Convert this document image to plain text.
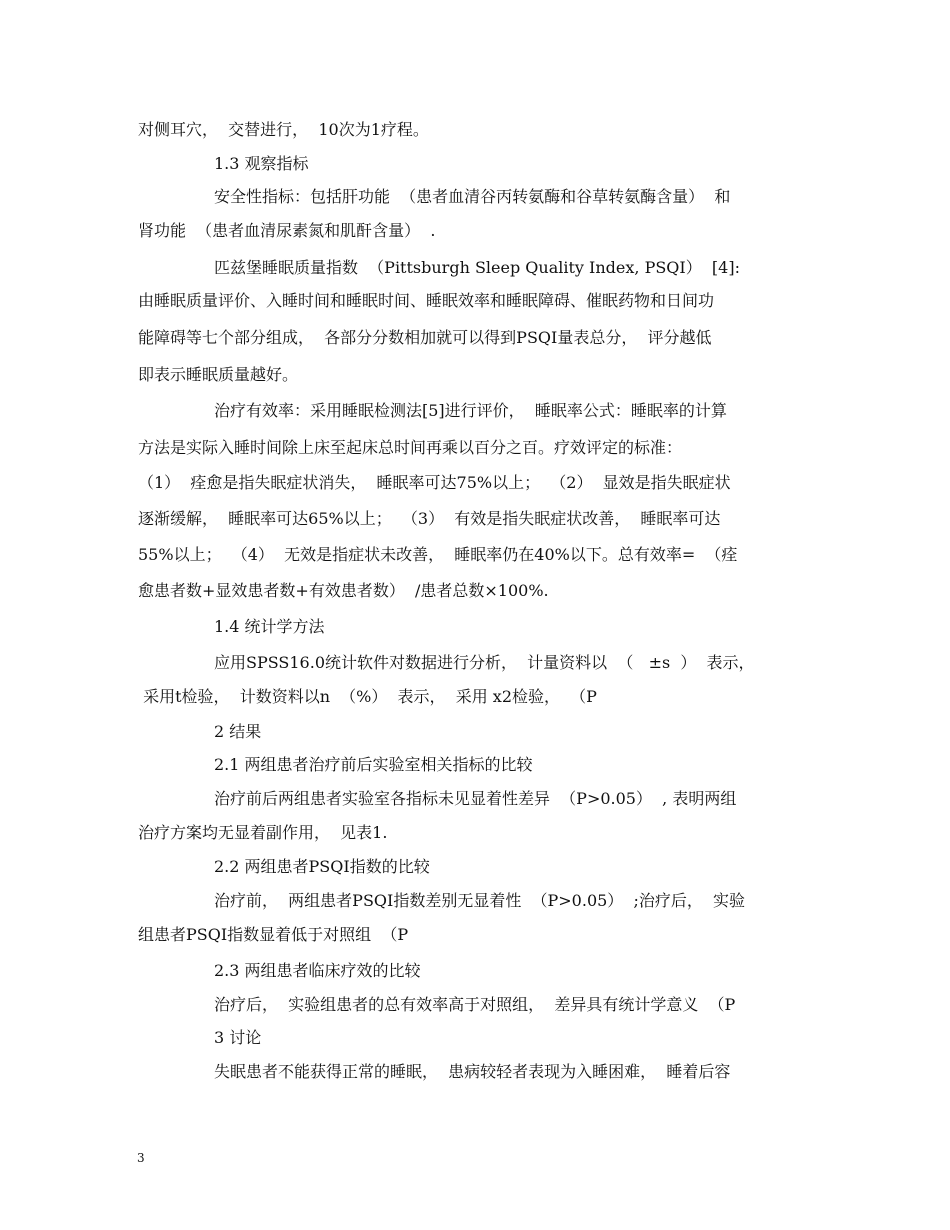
对侧耳穴，  交替进行，  10次为1疗程。
1.3 观察指标
安全性指标：包括肝功能  （患者血清谷丙转氨酶和谷草转氨酶含量）  和
肾功能  （患者血清尿素氮和肌酐含量）  .
匹兹堡睡眠质量指数  （Pittsburgh Sleep Quality Index, PSQI）  [4]:
由睡眠质量评价、入睡时间和睡眠时间、睡眠效率和睡眠障碍、催眠药物和日间功
能障碍等七个部分组成，  各部分分数相加就可以得到PSQI量表总分，  评分越低
即表示睡眠质量越好。
治疗有效率：采用睡眠检测法[5]进行评价，  睡眠率公式：睡眠率的计算
方法是实际入睡时间除上床至起床总时间再乘以百分之百。疗效评定的标准：
（1）  痊愈是指失眠症状消失，  睡眠率可达75%以上；  （2）  显效是指失眠症状
逐渐缓解，  睡眠率可达65%以上；  （3）  有效是指失眠症状改善，  睡眠率可达
55%以上；  （4）  无效是指症状未改善，  睡眠率仍在40%以下。总有效率=  （痊
愈患者数+显效患者数+有效患者数）  /患者总数×100%.
1.4 统计学方法
应用SPSS16.0统计软件对数据进行分析，  计量资料以  （   ±s  ）  表示，
采用t检验，  计数资料以n  （%）  表示，  采用 x2检验，  （P
2 结果
2.1 两组患者治疗前后实验室相关指标的比较
治疗前后两组患者实验室各指标未见显着性差异  （P>0.05）  , 表明两组
治疗方案均无显着副作用，  见表1.
2.2 两组患者PSQI指数的比较
治疗前，  两组患者PSQI指数差别无显着性  （P>0.05）  ;治疗后，  实验
组患者PSQI指数显着低于对照组  （P
2.3 两组患者临床疗效的比较
治疗后，  实验组患者的总有效率高于对照组，  差异具有统计学意义  （P
3 讨论
失眠患者不能获得正常的睡眠，  患病较轻者表现为入睡困难，  睡着后容
3
